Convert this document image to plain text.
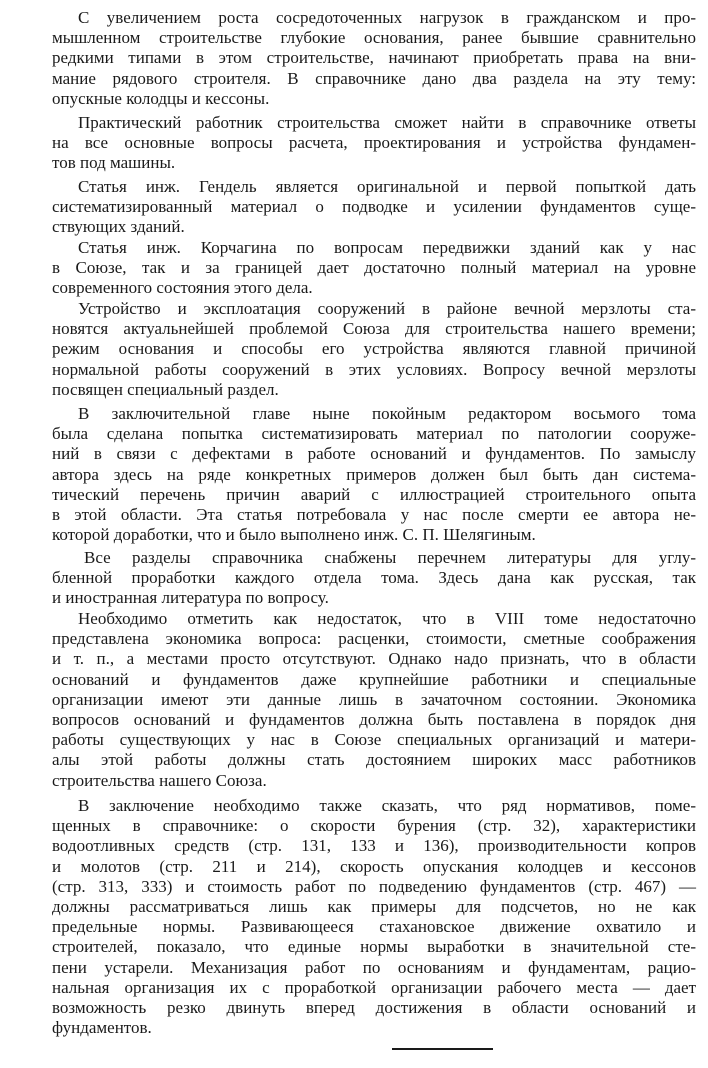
С увеличением роста сосредоточенных нагрузок в гражданском и про-
мышленном строительстве глубокие основания, ранее бывшие сравнительно
редкими типами в этом строительстве, начинают приобретать права на вни-
мание рядового строителя. В справочнике дано два раздела на эту тему:
опускные колодцы и кессоны.
Практический работник строительства сможет найти в справочнике ответы
на все основные вопросы расчета, проектирования и устройства фундамен-
тов под машины.
Статья инж. Гендель является оригинальной и первой попыткой дать
систематизированный материал о подводке и усилении фундаментов суще-
ствующих зданий.
Статья инж. Корчагина по вопросам передвижки зданий как у нас
в Союзе, так и за границей дает достаточно полный материал на уровне
современного состояния этого дела.
Устройство и эксплоатация сооружений в районе вечной мерзлоты ста-
новятся актуальнейшей проблемой Союза для строительства нашего времени;
режим основания и способы его устройства являются главной причиной
нормальной работы сооружений в этих условиях. Вопросу вечной мерзлоты
посвящен специальный раздел.
В заключительной главе ныне покойным редактором восьмого тома
была сделана попытка систематизировать материал по патологии сооруже-
ний в связи с дефектами в работе оснований и фундаментов. По замыслу
автора здесь на ряде конкретных примеров должен был быть дан система-
тический перечень причин аварий с иллюстрацией строительного опыта
в этой области. Эта статья потребовала у нас после смерти ее автора не-
которой доработки, что и было выполнено инж. С. П. Шелягиным.
Все разделы справочника снабжены перечнем литературы для углу-
бленной проработки каждого отдела тома. Здесь дана как русская, так
и иностранная литература по вопросу.
Необходимо отметить как недостаток, что в VIII томе недостаточно
представлена экономика вопроса: расценки, стоимости, сметные соображения
и т. п., а местами просто отсутствуют. Однако надо признать, что в области
оснований и фундаментов даже крупнейшие работники и специальные
организации имеют эти данные лишь в зачаточном состоянии. Экономика
вопросов оснований и фундаментов должна быть поставлена в порядок дня
работы существующих у нас в Союзе специальных организаций и матери-
алы этой работы должны стать достоянием широких масс работников
строительства нашего Союза.
В заключение необходимо также сказать, что ряд нормативов, поме-
щенных в справочнике: о скорости бурения (стр. 32), характеристики
водоотливных средств (стр. 131, 133 и 136), производительности копров
и молотов (стр. 211 и 214), скорость опускания колодцев и кессонов
(стр. 313, 333) и стоимость работ по подведению фундаментов (стр. 467) —
должны рассматриваться лишь как примеры для подсчетов, но не как
предельные нормы. Развивающееся стахановское движение охватило и
строителей, показало, что единые нормы выработки в значительной сте-
пени устарели. Механизация работ по основаниям и фундаментам, рацио-
нальная организация их с проработкой организации рабочего места — дает
возможность резко двинуть вперед достижения в области оснований и
фундаментов.
